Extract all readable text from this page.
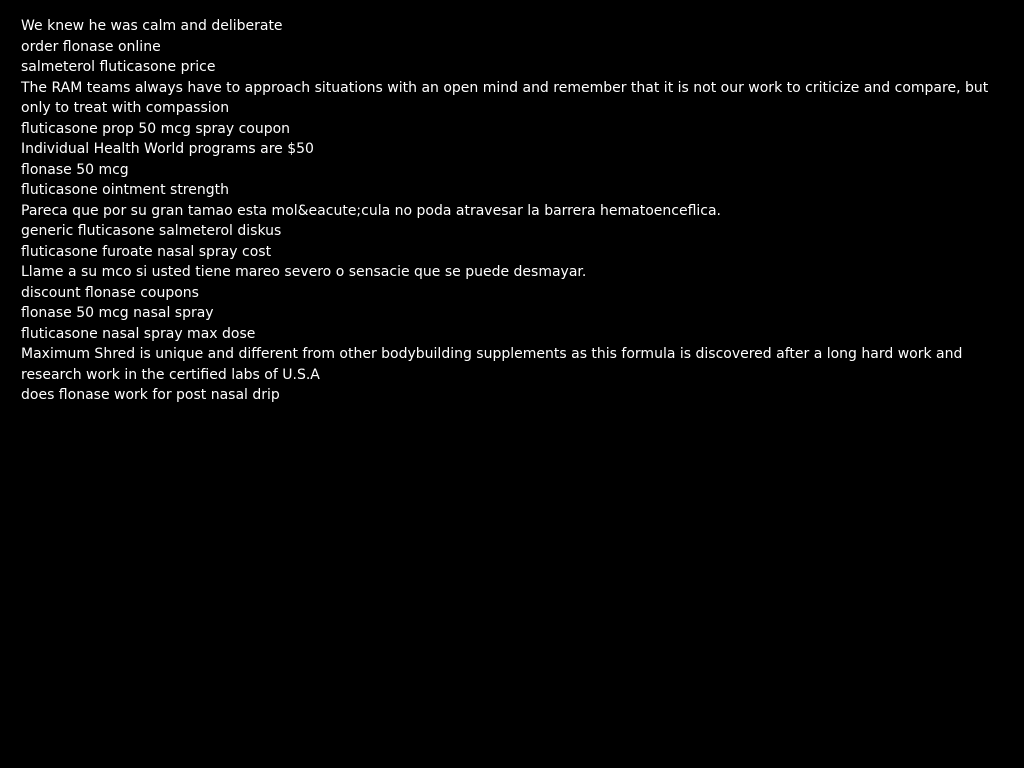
We knew he was calm and deliberate

order flonase online

salmeterol fluticasone price

The RAM teams always have to approach situations with an open mind and remember that it is not our work to criticize and compare, but only to treat with compassion

fluticasone prop 50 mcg spray coupon

Individual Health World programs are $50

flonase 50 mcg

fluticasone ointment strength

Pareca que por su gran tamao esta mol&eacute;cula no poda atravesar la barrera hematoenceflica.

generic fluticasone salmeterol diskus

fluticasone furoate nasal spray cost

Llame a su mco si usted tiene mareo severo o sensacie que se puede desmayar.

discount flonase coupons

flonase 50 mcg nasal spray

fluticasone nasal spray max dose

Maximum Shred is unique and different from other bodybuilding supplements as this formula is discovered after a long hard work and research work in the certified labs of U.S.A

does flonase work for post nasal drip
